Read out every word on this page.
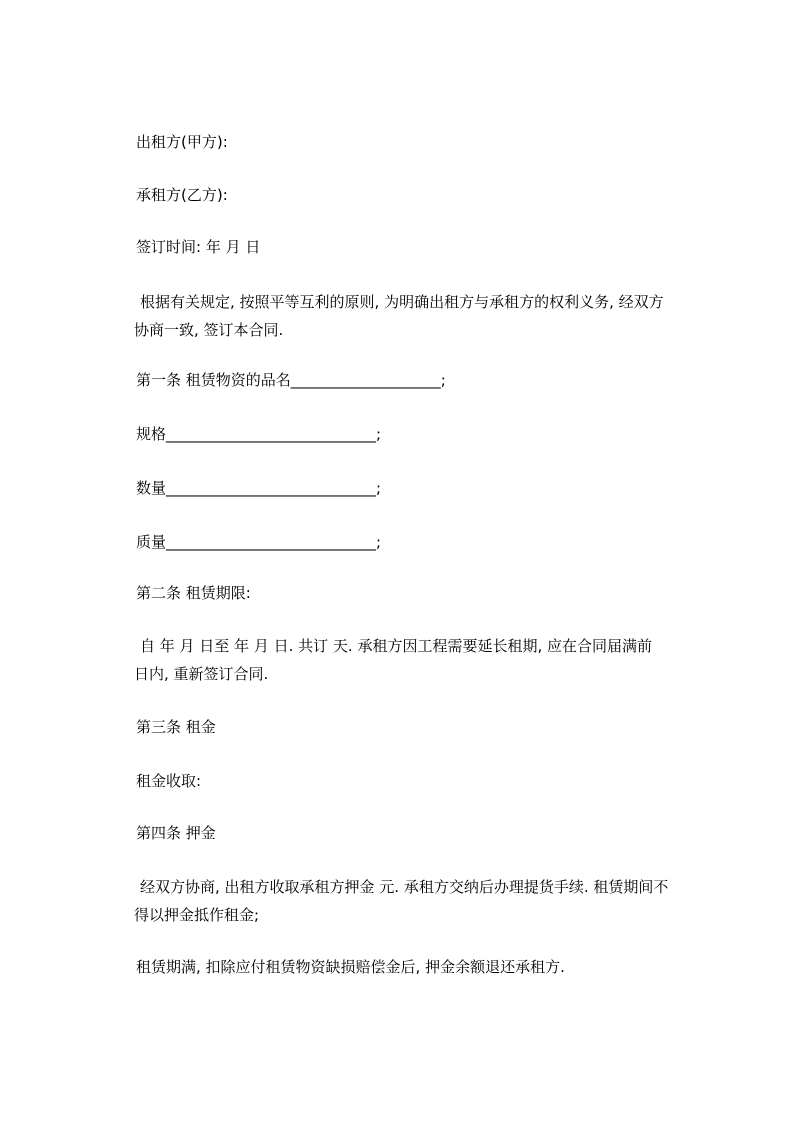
出租方(甲方):
承租方(乙方):
签订时间: 年 月 日
根据有关规定, 按照平等互利的原则, 为明确出租方与承租方的权利义务, 经双方
协商一致, 签订本合同.
第一条 租赁物资的品名____________________;
规格____________________________;
数量____________________________;
质量____________________________;
第二条 租赁期限:
自 年 月 日至 年 月 日. 共订 天. 承租方因工程需要延长租期, 应在合同届满前
日内, 重新签订合同.
第三条 租金
租金收取:
第四条 押金
经双方协商, 出租方收取承租方押金 元. 承租方交纳后办理提货手续. 租赁期间不
得以押金抵作租金;
租赁期满, 扣除应付租赁物资缺损赔偿金后, 押金余额退还承租方.
